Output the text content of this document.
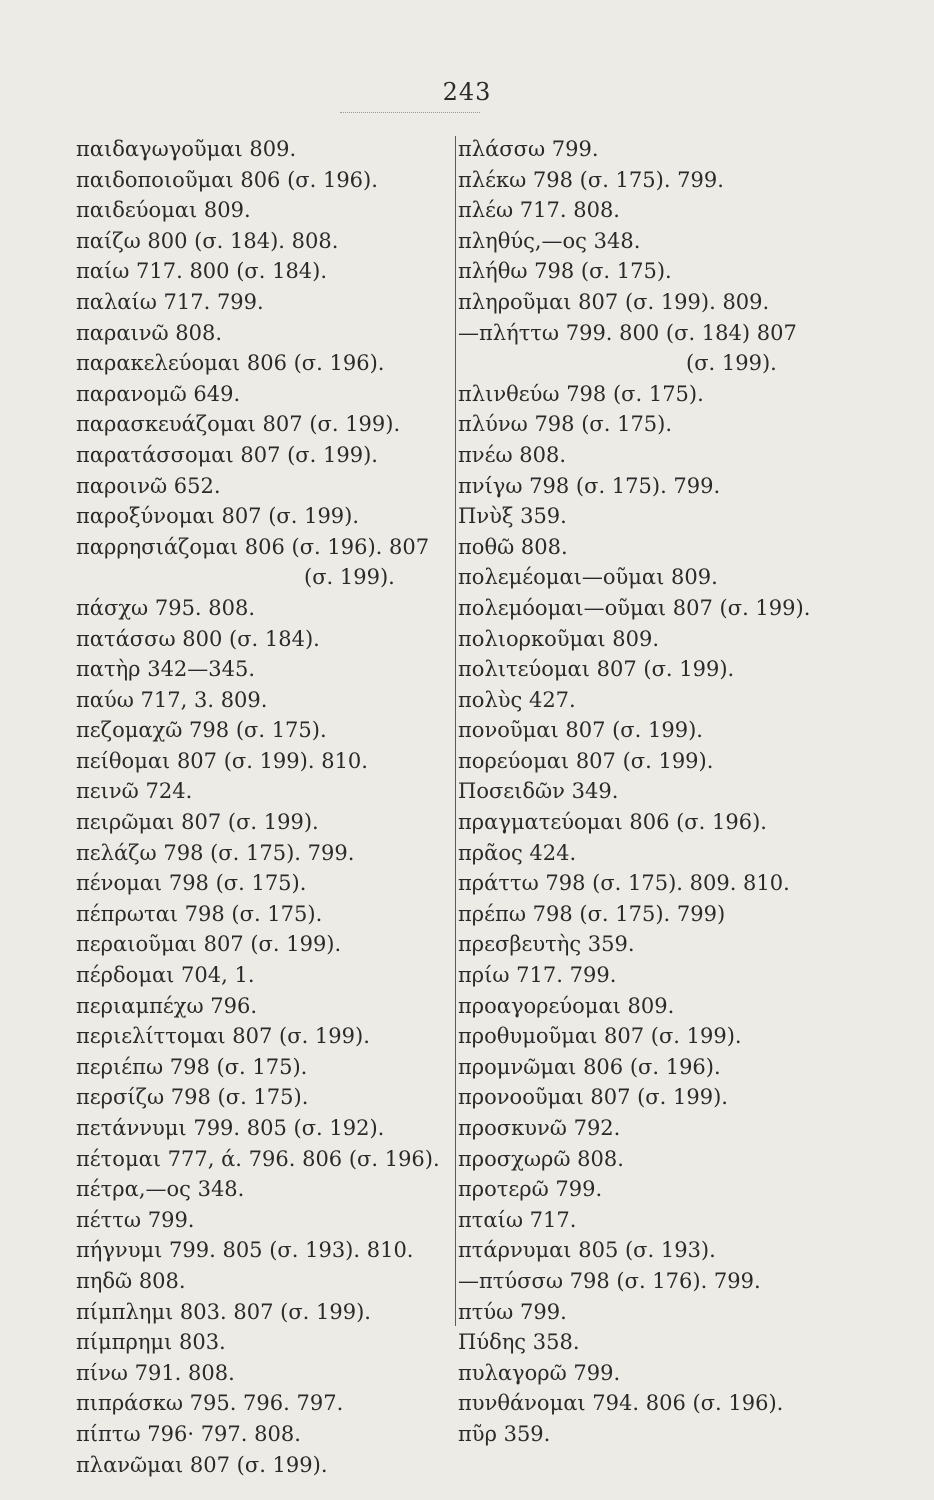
243
παιδαγωγοῦμαι 809.
παιδοποιοῦμαι 806 (σ. 196).
παιδεύομαι 809.
παίζω 800 (σ. 184). 808.
παίω 717. 800 (σ. 184).
παλαίω 717. 799.
παραινῶ 808.
παρακελεύομαι 806 (σ. 196).
παρανομῶ 649.
παρασκευάζομαι 807 (σ. 199).
παρατάσσομαι 807 (σ. 199).
παροινῶ 652.
παροξύνομαι 807 (σ. 199).
παρρησιάζομαι 806 (σ. 196). 807
(σ. 199).
πάσχω 795. 808.
πατάσσω 800 (σ. 184).
πατὴρ 342—345.
παύω 717, 3. 809.
πεζομαχῶ 798 (σ. 175).
πείθομαι 807 (σ. 199). 810.
πεινῶ 724.
πειρῶμαι 807 (σ. 199).
πελάζω 798 (σ. 175). 799.
πένομαι 798 (σ. 175).
πέπρωται 798 (σ. 175).
περαιοῦμαι 807 (σ. 199).
πέρδομαι 704, 1.
περιαμπέχω 796.
περιελίττομαι 807 (σ. 199).
περιέπω 798 (σ. 175).
περσίζω 798 (σ. 175).
πετάννυμι 799. 805 (σ. 192).
πέτομαι 777, ά. 796. 806 (σ. 196).
πέτρα,—ος 348.
πέττω 799.
πήγνυμι 799. 805 (σ. 193). 810.
πηδῶ 808.
πίμπλημι 803. 807 (σ. 199).
πίμπρημι 803.
πίνω 791. 808.
πιπράσκω 795. 796. 797.
πίπτω 796· 797. 808.
πλανῶμαι 807 (σ. 199).
πλάσσω 799.
πλέκω 798 (σ. 175). 799.
πλέω 717. 808.
πληθύς,—ος 348.
πλήθω 798 (σ. 175).
πληροῦμαι 807 (σ. 199). 809.
—πλήττω 799. 800 (σ. 184) 807
(σ. 199).
πλινθεύω 798 (σ. 175).
πλύνω 798 (σ. 175).
πνέω 808.
πνίγω 798 (σ. 175). 799.
Πνὺξ 359.
ποθῶ 808.
πολεμέομαι—οῦμαι 809.
πολεμόομαι—οῦμαι 807 (σ. 199).
πολιορκοῦμαι 809.
πολιτεύομαι 807 (σ. 199).
πολὺς 427.
πονοῦμαι 807 (σ. 199).
πορεύομαι 807 (σ. 199).
Ποσειδῶν 349.
πραγματεύομαι 806 (σ. 196).
πρᾶος 424.
πράττω 798 (σ. 175). 809. 810.
πρέπω 798 (σ. 175). 799)
πρεσβευτὴς 359.
πρίω 717. 799.
προαγορεύομαι 809.
προθυμοῦμαι 807 (σ. 199).
προμνῶμαι 806 (σ. 196).
προνοοῦμαι 807 (σ. 199).
προσκυνῶ 792.
προσχωρῶ 808.
προτερῶ 799.
πταίω 717.
πτάρνυμαι 805 (σ. 193).
—πτύσσω 798 (σ. 176). 799.
πτύω 799.
Πύδης 358.
πυλαγορῶ 799.
πυνθάνομαι 794. 806 (σ. 196).
πῦρ 359.
